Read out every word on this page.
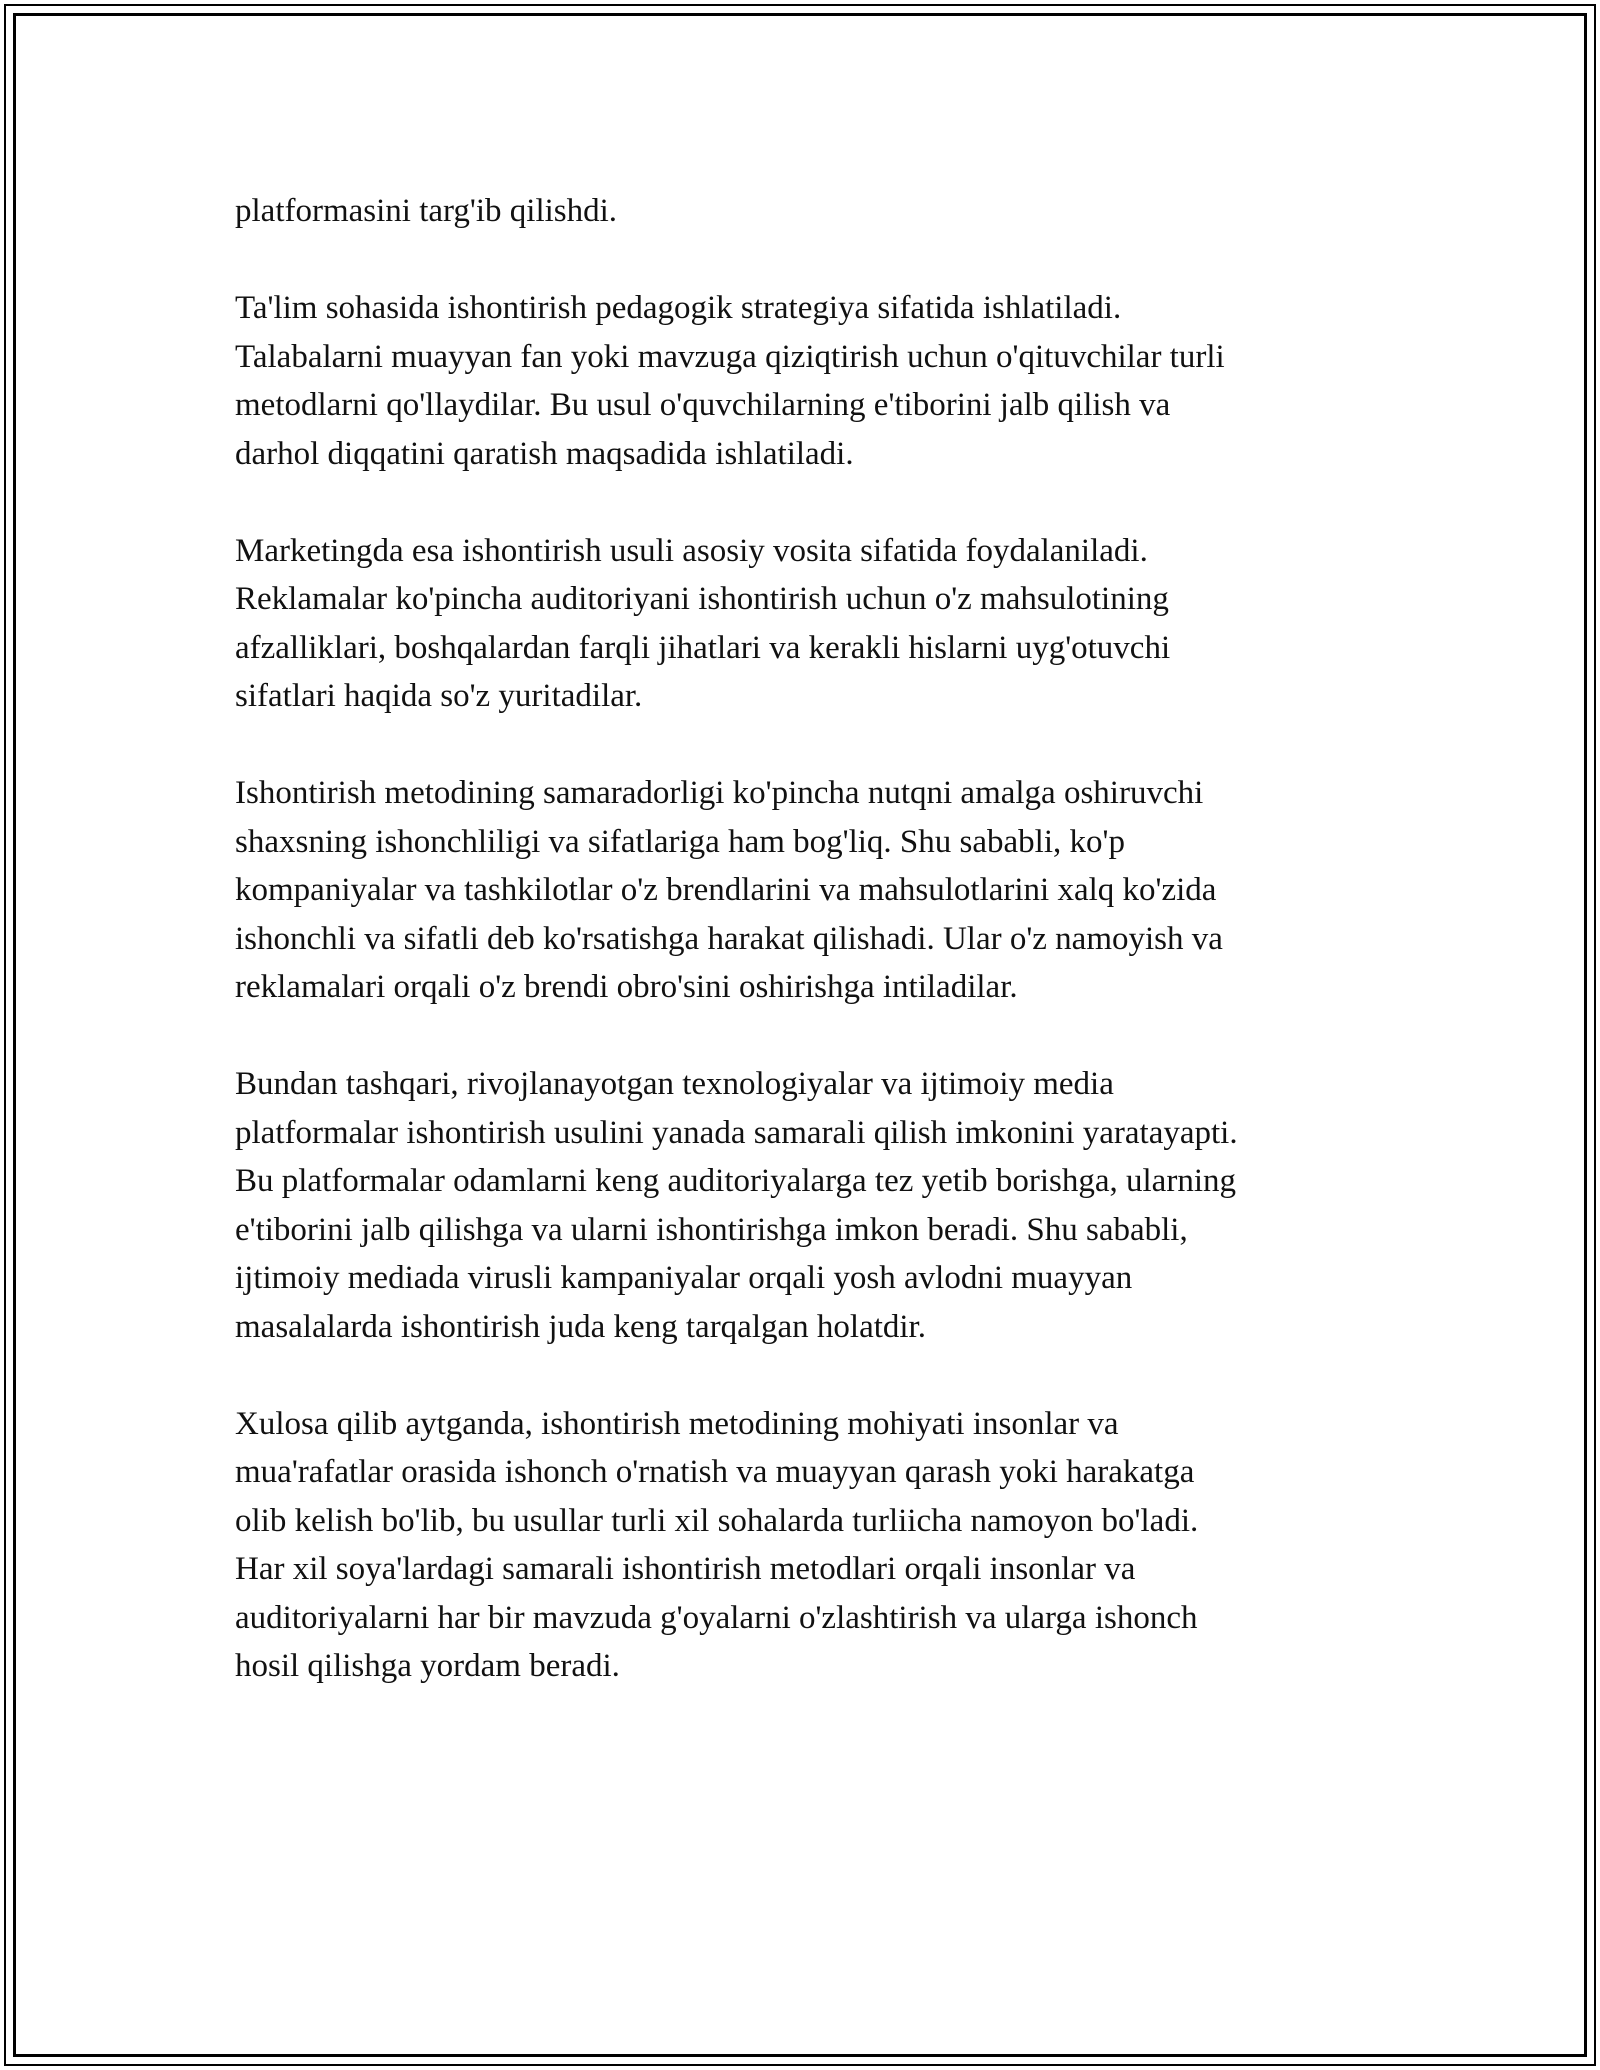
platformasini targ'ib qilishdi.
Ta'lim sohasida ishontirish pedagogik strategiya sifatida ishlatiladi.
Talabalarni muayyan fan yoki mavzuga qiziqtirish uchun o'qituvchilar turli
metodlarni qo'llaydilar. Bu usul o'quvchilarning e'tiborini jalb qilish va
darhol diqqatini qaratish maqsadida ishlatiladi.
Marketingda esa ishontirish usuli asosiy vosita sifatida foydalaniladi.
Reklamalar ko'pincha auditoriyani ishontirish uchun o'z mahsulotining
afzalliklari, boshqalardan farqli jihatlari va kerakli hislarni uyg'otuvchi
sifatlari haqida so'z yuritadilar.
Ishontirish metodining samaradorligi ko'pincha nutqni amalga oshiruvchi
shaxsning ishonchliligi va sifatlariga ham bog'liq. Shu sababli, ko'p
kompaniyalar va tashkilotlar o'z brendlarini va mahsulotlarini xalq ko'zida
ishonchli va sifatli deb ko'rsatishga harakat qilishadi. Ular o'z namoyish va
reklamalari orqali o'z brendi obro'sini oshirishga intiladilar.
Bundan tashqari, rivojlanayotgan texnologiyalar va ijtimoiy media
platformalar ishontirish usulini yanada samarali qilish imkonini yaratayapti.
Bu platformalar odamlarni keng auditoriyalarga tez yetib borishga, ularning
e'tiborini jalb qilishga va ularni ishontirishga imkon beradi. Shu sababli,
ijtimoiy mediada virusli kampaniyalar orqali yosh avlodni muayyan
masalalarda ishontirish juda keng tarqalgan holatdir.
Xulosa qilib aytganda, ishontirish metodining mohiyati insonlar va
mua'rafatlar orasida ishonch o'rnatish va muayyan qarash yoki harakatga
olib kelish bo'lib, bu usullar turli xil sohalarda turliicha namoyon bo'ladi.
Har xil soya'lardagi samarali ishontirish metodlari orqali insonlar va
auditoriyalarni har bir mavzuda g'oyalarni o'zlashtirish va ularga ishonch
hosil qilishga yordam beradi.
